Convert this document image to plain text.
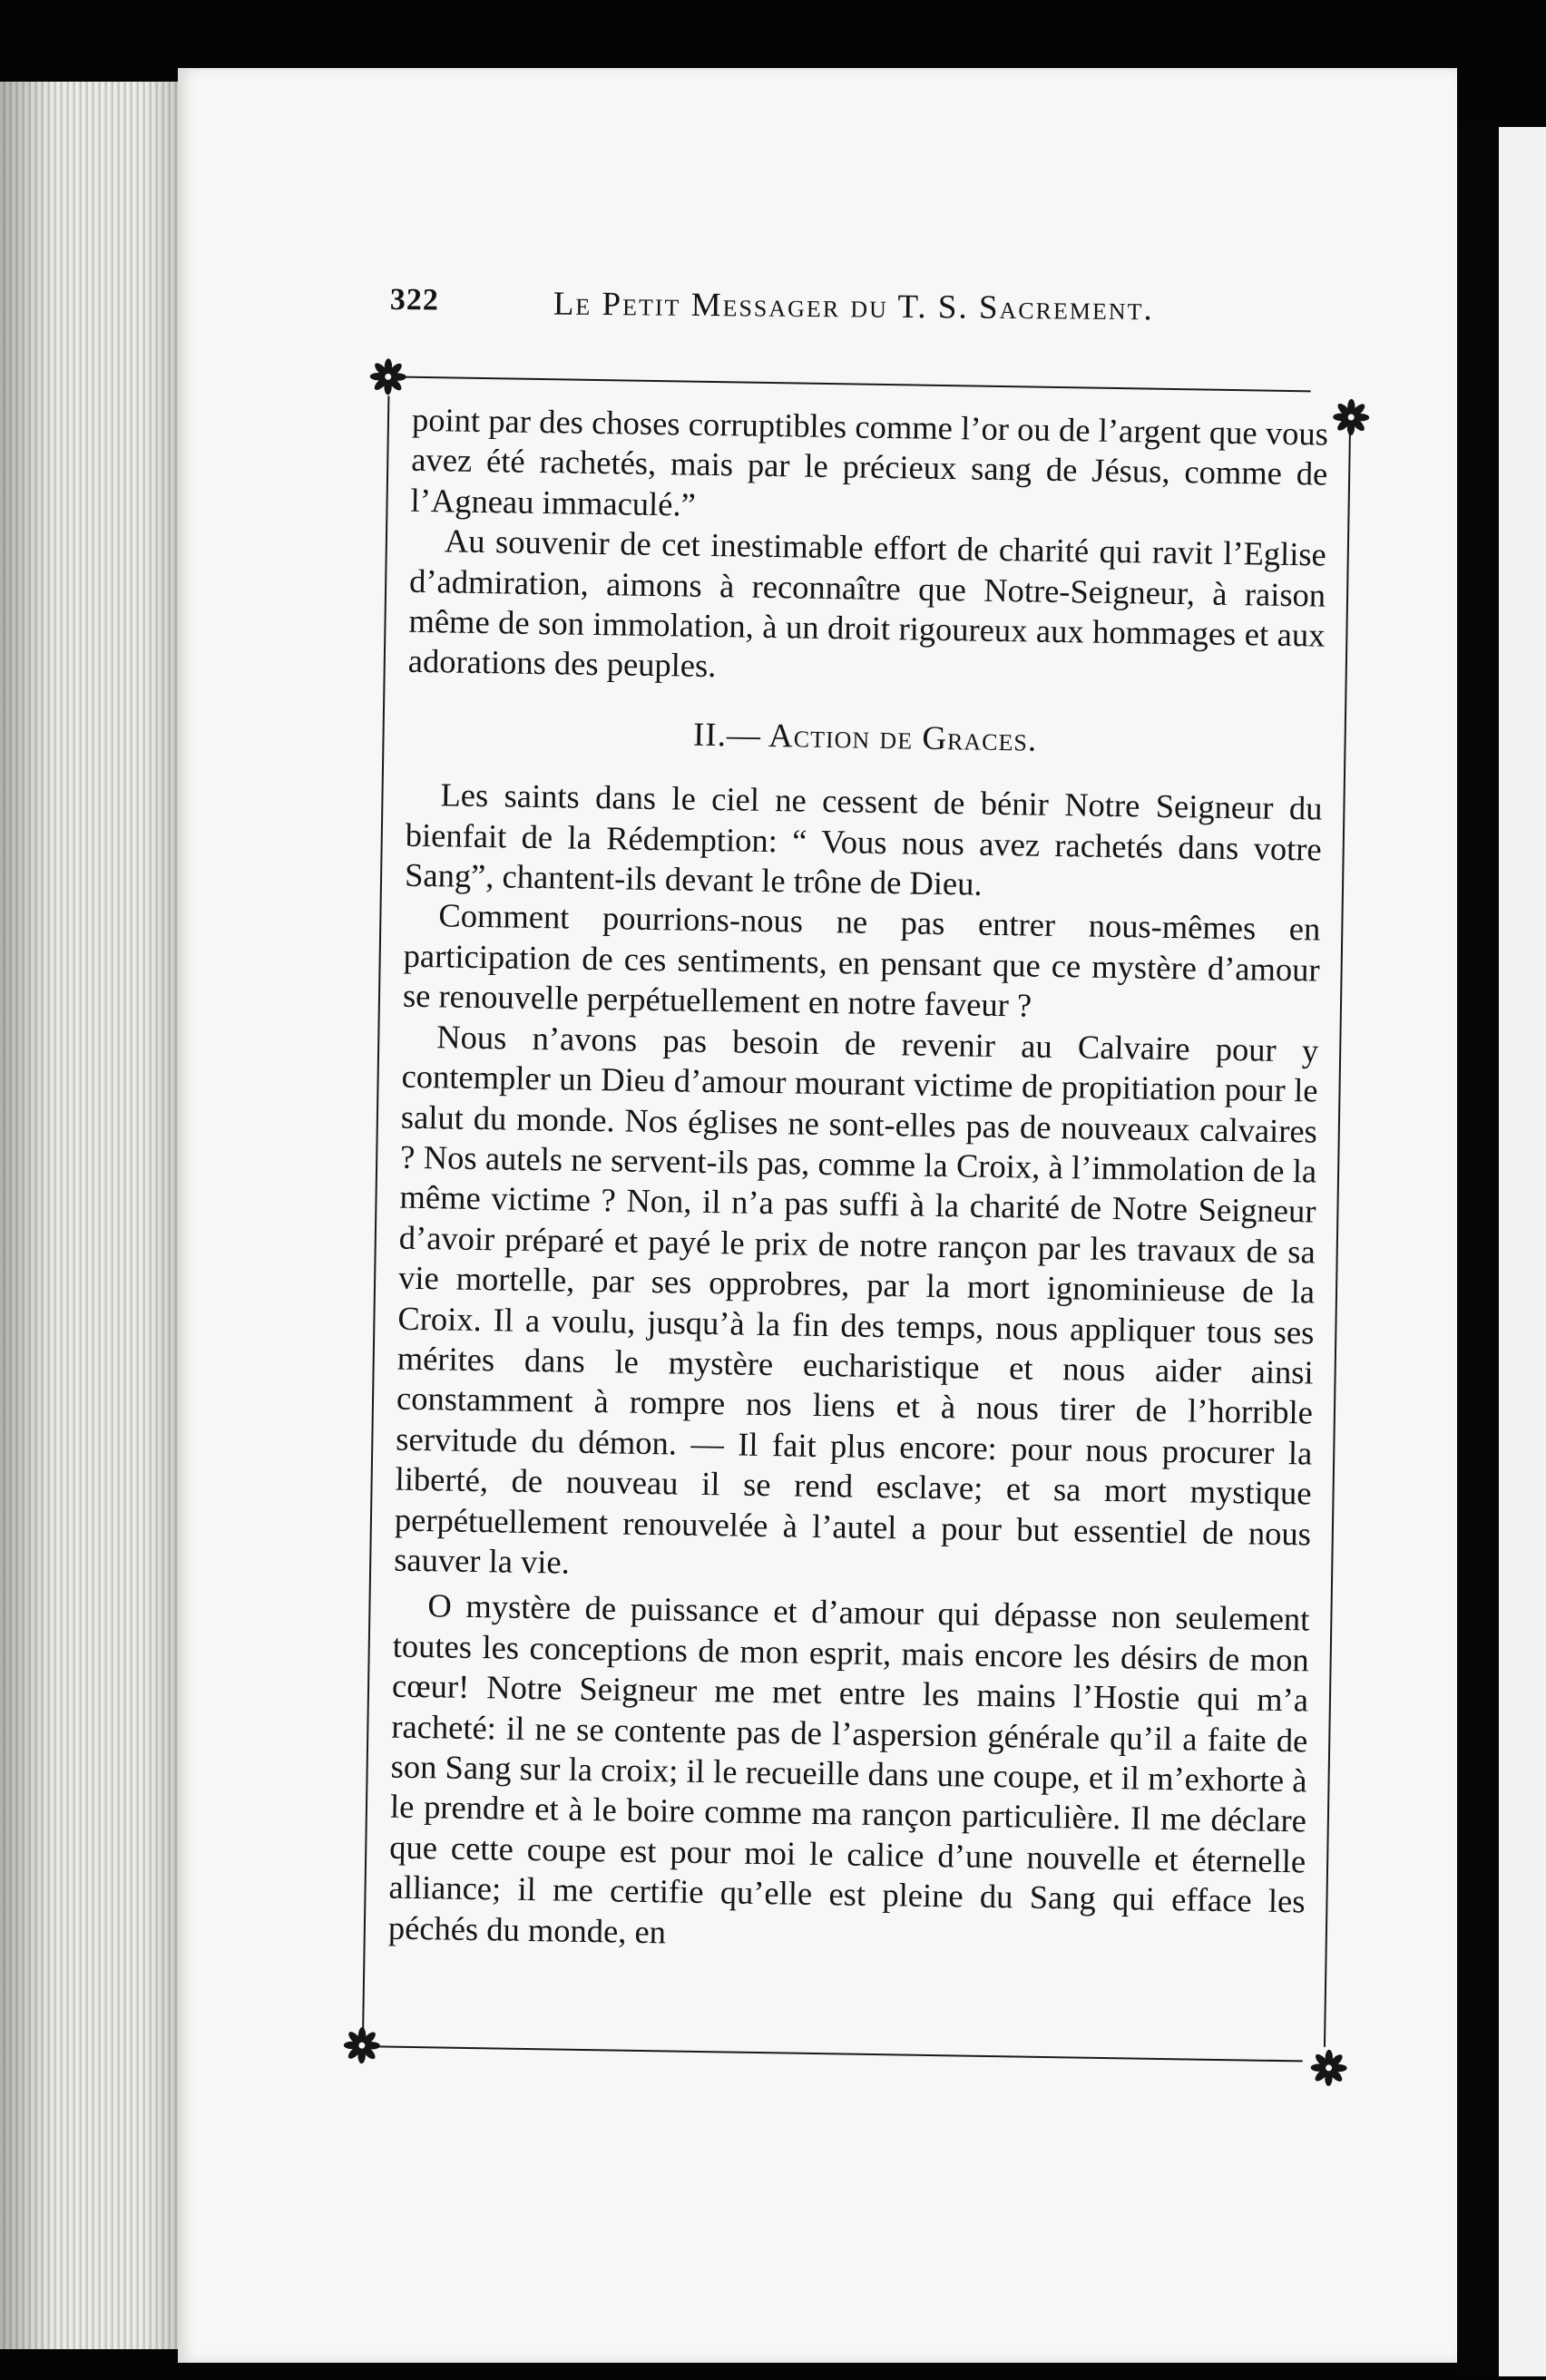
322	Le Petit Messager du T. S. Sacrement.

point par des choses corruptibles comme l’or ou de l’argent que vous avez été rachetés, mais par le précieux sang de Jésus, comme de l’Agneau immaculé.”

Au souvenir de cet inestimable effort de charité qui ravit l’Eglise d’admiration, aimons à reconnaître que Notre-Seigneur, à raison même de son immolation, à un droit rigoureux aux hommages et aux adorations des peuples.

II.— Action de Graces.

Les saints dans le ciel ne cessent de bénir Notre Seigneur du bienfait de la Rédemption: “ Vous nous avez rachetés dans votre Sang”, chantent-ils devant le trône de Dieu.

Comment pourrions-nous ne pas entrer nous-mêmes en participation de ces sentiments, en pensant que ce mystère d’amour se renouvelle perpétuellement en notre faveur ?

Nous n’avons pas besoin de revenir au Calvaire pour y contempler un Dieu d’amour mourant victime de propitiation pour le salut du monde. Nos églises ne sont-elles pas de nouveaux calvaires ? Nos autels ne servent-ils pas, comme la Croix, à l’immolation de la même victime ? Non, il n’a pas suffi à la charité de Notre Seigneur d’avoir préparé et payé le prix de notre rançon par les travaux de sa vie mortelle, par ses opprobres, par la mort ignominieuse de la Croix. Il a voulu, jusqu’à la fin des temps, nous appliquer tous ses mérites dans le mystère eucharistique et nous aider ainsi constamment à rompre nos liens et à nous tirer de l’horrible servitude du démon. — Il fait plus encore: pour nous procurer la liberté, de nouveau il se rend esclave; et sa mort mystique perpétuellement renouvelée à l’autel a pour but essentiel de nous sauver la vie.

O mystère de puissance et d’amour qui dépasse non seulement toutes les conceptions de mon esprit, mais encore les désirs de mon cœur! Notre Seigneur me met entre les mains l’Hostie qui m’a racheté: il ne se contente pas de l’aspersion générale qu’il a faite de son Sang sur la croix; il le recueille dans une coupe, et il m’exhorte à le prendre et à le boire comme ma rançon particulière. Il me déclare que cette coupe est pour moi le calice d’une nouvelle et éternelle alliance; il me certifie qu’elle est pleine du Sang qui efface les péchés du monde, en
